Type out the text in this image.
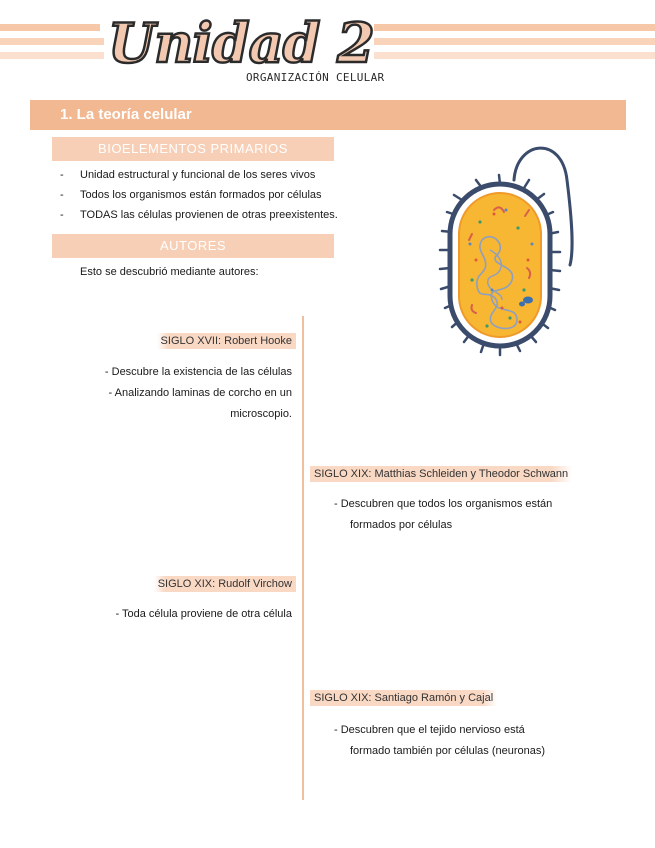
Unidad 2
ORGANIZACIÓN CELULAR
1. La teoría celular
BIOELEMENTOS PRIMARIOS
- Unidad estructural y funcional de los seres vivos
- Todos los organismos están formados por células
- TODAS las células provienen de otras preexistentes.
AUTORES
Esto se descubrió mediante autores:
SIGLO XVII: Robert Hooke
- Descubre la existencia de las células
- Analizando laminas de corcho en un
microscopio.
SIGLO XIX: Matthias Schleiden y Theodor Schwann
- Descubren que todos los organismos están
formados por células
SIGLO XIX: Rudolf Virchow
- Toda célula proviene de otra célula
SIGLO XIX: Santiago Ramón y Cajal
- Descubren que el tejido nervioso está
formado también por células (neuronas)
